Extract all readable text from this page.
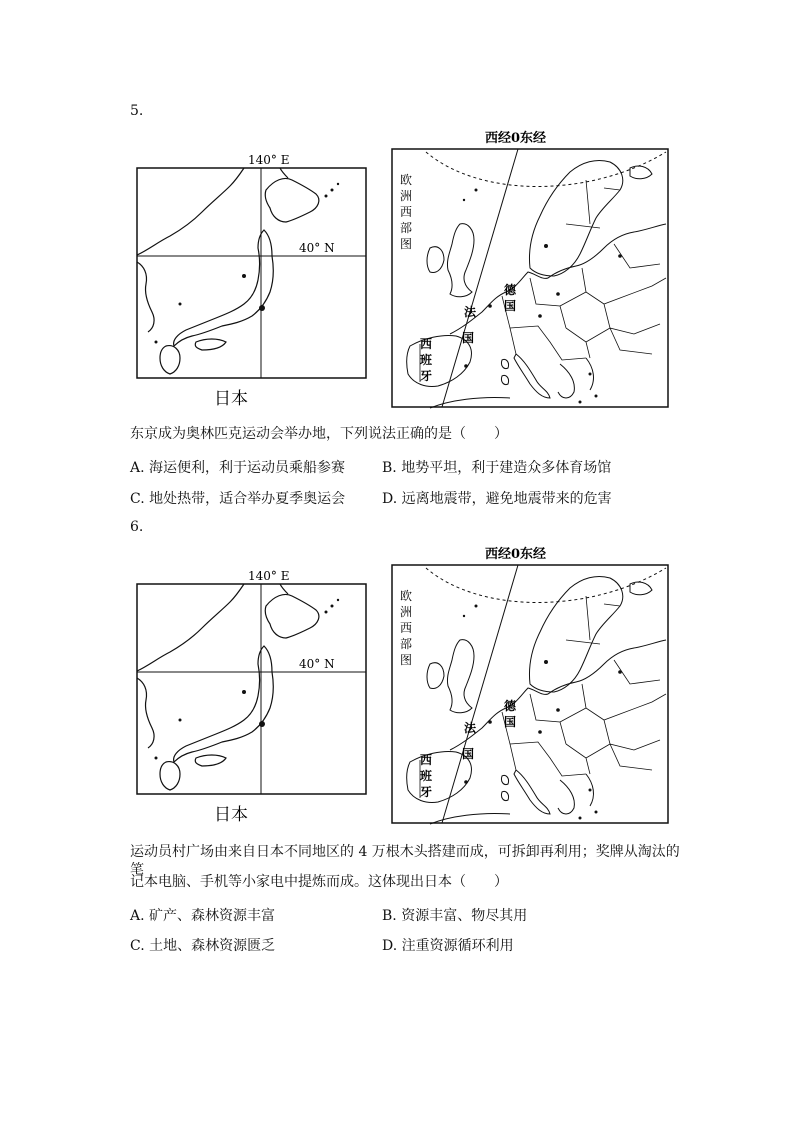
5.
140° E
40° N
日本
西经0东经
欧
洲
西
部
图
德
国
法
国
西
班
牙
东京成为奥林匹克运动会举办地，下列说法正确的是（　　）
A. 海运便利，利于运动员乘船参赛	B. 地势平坦，利于建造众多体育场馆
C. 地处热带，适合举办夏季奥运会	D. 远离地震带，避免地震带来的危害
6.
140° E
40° N
日本
西经0东经
欧
洲
西
部
图
德
国
法
国
西
班
牙
运动员村广场由来自日本不同地区的 4 万根木头搭建而成，可拆卸再利用；奖牌从淘汰的笔
记本电脑、手机等小家电中提炼而成。这体现出日本（　　）
A. 矿产、森林资源丰富	B. 资源丰富、物尽其用
C. 土地、森林资源匮乏	D. 注重资源循环利用
